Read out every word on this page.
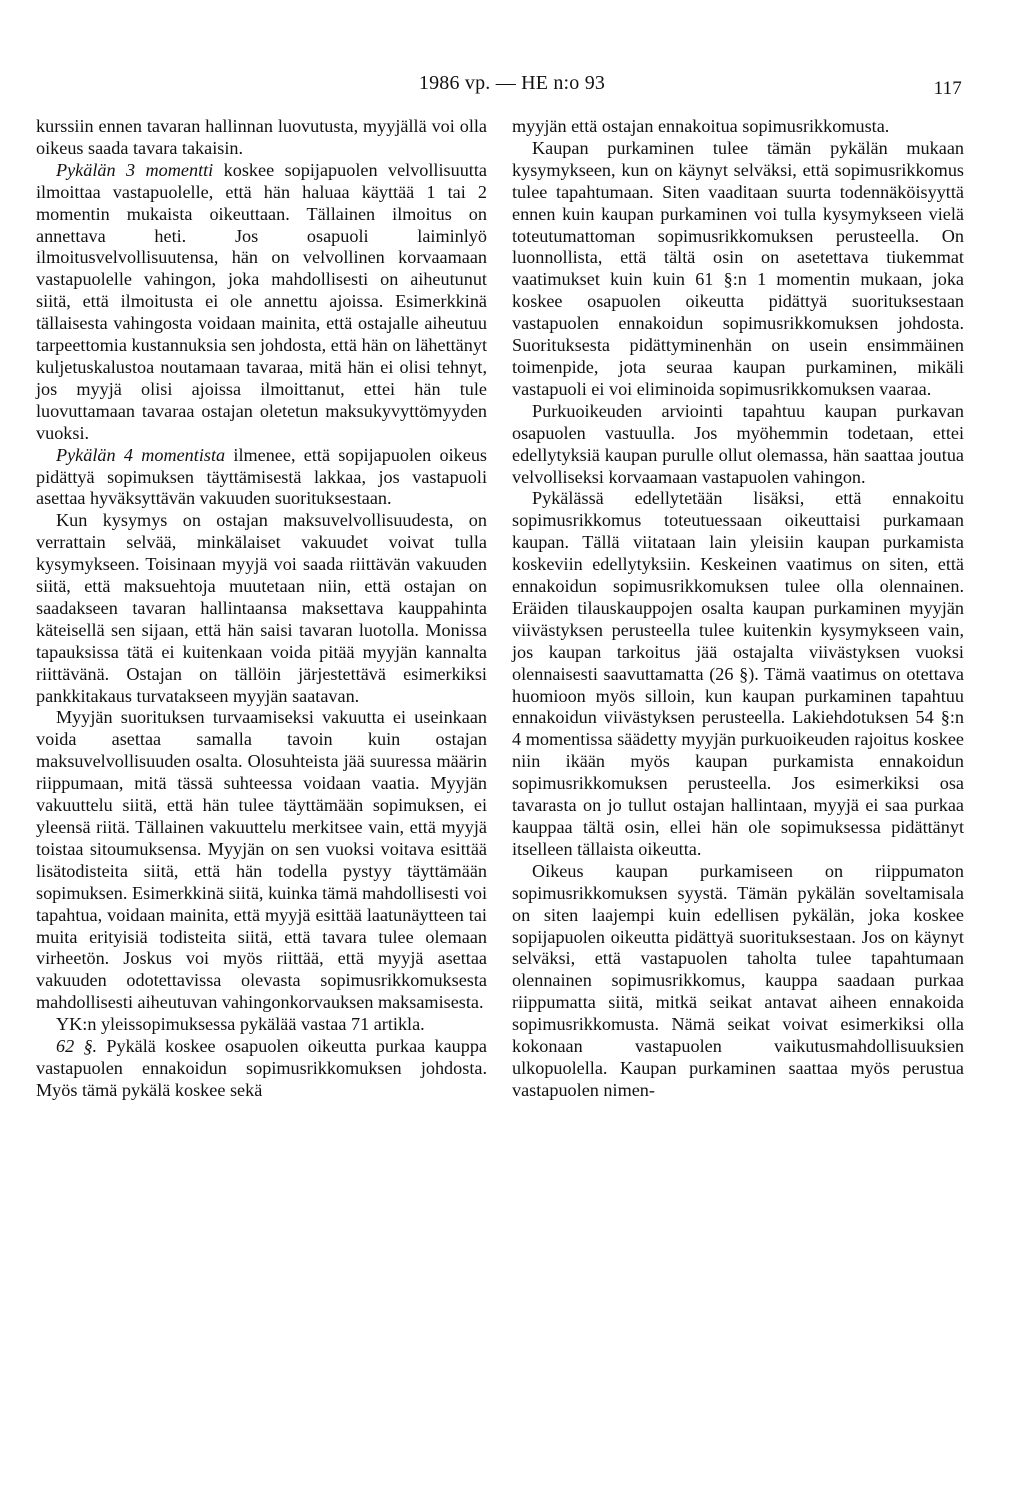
1986 vp. — HE n:o 93	117

kurssiin ennen tavaran hallinnan luovutusta, myyjällä voi olla oikeus saada tavara takaisin.

Pykälän 3 momentti koskee sopijapuolen velvollisuutta ilmoittaa vastapuolelle, että hän haluaa käyttää 1 tai 2 momentin mukaista oikeuttaan. Tällainen ilmoitus on annettava heti. Jos osapuoli laiminlyö ilmoitusvelvollisuutensa, hän on velvollinen korvaamaan vastapuolelle vahingon, joka mahdollisesti on aiheutunut siitä, että ilmoitusta ei ole annettu ajoissa. Esimerkkinä tällaisesta vahingosta voidaan mainita, että ostajalle aiheutuu tarpeettomia kustannuksia sen johdosta, että hän on lähettänyt kuljetuskalustoa noutamaan tavaraa, mitä hän ei olisi tehnyt, jos myyjä olisi ajoissa ilmoittanut, ettei hän tule luovuttamaan tavaraa ostajan oletetun maksukyvyttömyyden vuoksi.

Pykälän 4 momentista ilmenee, että sopijapuolen oikeus pidättyä sopimuksen täyttämisestä lakkaa, jos vastapuoli asettaa hyväksyttävän vakuuden suorituksestaan.

Kun kysymys on ostajan maksuvelvollisuudesta, on verrattain selvää, minkälaiset vakuudet voivat tulla kysymykseen. Toisinaan myyjä voi saada riittävän vakuuden siitä, että maksuehtoja muutetaan niin, että ostajan on saadakseen tavaran hallintaansa maksettava kauppahinta käteisellä sen sijaan, että hän saisi tavaran luotolla. Monissa tapauksissa tätä ei kuitenkaan voida pitää myyjän kannalta riittävänä. Ostajan on tällöin järjestettävä esimerkiksi pankkitakaus turvatakseen myyjän saatavan.

Myyjän suorituksen turvaamiseksi vakuutta ei useinkaan voida asettaa samalla tavoin kuin ostajan maksuvelvollisuuden osalta. Olosuhteista jää suuressa määrin riippumaan, mitä tässä suhteessa voidaan vaatia. Myyjän vakuuttelu siitä, että hän tulee täyttämään sopimuksen, ei yleensä riitä. Tällainen vakuuttelu merkitsee vain, että myyjä toistaa sitoumuksensa. Myyjän on sen vuoksi voitava esittää lisätodisteita siitä, että hän todella pystyy täyttämään sopimuksen. Esimerkkinä siitä, kuinka tämä mahdollisesti voi tapahtua, voidaan mainita, että myyjä esittää laatunäytteen tai muita erityisiä todisteita siitä, että tavara tulee olemaan virheetön. Joskus voi myös riittää, että myyjä asettaa vakuuden odotettavissa olevasta sopimusrikkomuksesta mahdollisesti aiheutuvan vahingonkorvauksen maksamisesta.

YK:n yleissopimuksessa pykälää vastaa 71 artikla.

62 §. Pykälä koskee osapuolen oikeutta purkaa kauppa vastapuolen ennakoidun sopimusrikkomuksen johdosta. Myös tämä pykälä koskee sekä

myyjän että ostajan ennakoitua sopimusrikkomusta.

Kaupan purkaminen tulee tämän pykälän mukaan kysymykseen, kun on käynyt selväksi, että sopimusrikkomus tulee tapahtumaan. Siten vaaditaan suurta todennäköisyyttä ennen kuin kaupan purkaminen voi tulla kysymykseen vielä toteutumattoman sopimusrikkomuksen perusteella. On luonnollista, että tältä osin on asetettava tiukemmat vaatimukset kuin kuin 61 §:n 1 momentin mukaan, joka koskee osapuolen oikeutta pidättyä suorituksestaan vastapuolen ennakoidun sopimusrikkomuksen johdosta. Suorituksesta pidättyminenhän on usein ensimmäinen toimenpide, jota seuraa kaupan purkaminen, mikäli vastapuoli ei voi eliminoida sopimusrikkomuksen vaaraa.

Purkuoikeuden arviointi tapahtuu kaupan purkavan osapuolen vastuulla. Jos myöhemmin todetaan, ettei edellytyksiä kaupan purulle ollut olemassa, hän saattaa joutua velvolliseksi korvaamaan vastapuolen vahingon.

Pykälässä edellytetään lisäksi, että ennakoitu sopimusrikkomus toteutuessaan oikeuttaisi purkamaan kaupan. Tällä viitataan lain yleisiin kaupan purkamista koskeviin edellytyksiin. Keskeinen vaatimus on siten, että ennakoidun sopimusrikkomuksen tulee olla olennainen. Eräiden tilauskauppojen osalta kaupan purkaminen myyjän viivästyksen perusteella tulee kuitenkin kysymykseen vain, jos kaupan tarkoitus jää ostajalta viivästyksen vuoksi olennaisesti saavuttamatta (26 §). Tämä vaatimus on otettava huomioon myös silloin, kun kaupan purkaminen tapahtuu ennakoidun viivästyksen perusteella. Lakiehdotuksen 54 §:n 4 momentissa säädetty myyjän purkuoikeuden rajoitus koskee niin ikään myös kaupan purkamista ennakoidun sopimusrikkomuksen perusteella. Jos esimerkiksi osa tavarasta on jo tullut ostajan hallintaan, myyjä ei saa purkaa kauppaa tältä osin, ellei hän ole sopimuksessa pidättänyt itselleen tällaista oikeutta.

Oikeus kaupan purkamiseen on riippumaton sopimusrikkomuksen syystä. Tämän pykälän soveltamisala on siten laajempi kuin edellisen pykälän, joka koskee sopijapuolen oikeutta pidättyä suorituksestaan. Jos on käynyt selväksi, että vastapuolen taholta tulee tapahtumaan olennainen sopimusrikkomus, kauppa saadaan purkaa riippumatta siitä, mitkä seikat antavat aiheen ennakoida sopimusrikkomusta. Nämä seikat voivat esimerkiksi olla kokonaan vastapuolen vaikutusmahdollisuuksien ulkopuolella. Kaupan purkaminen saattaa myös perustua vastapuolen nimen-
